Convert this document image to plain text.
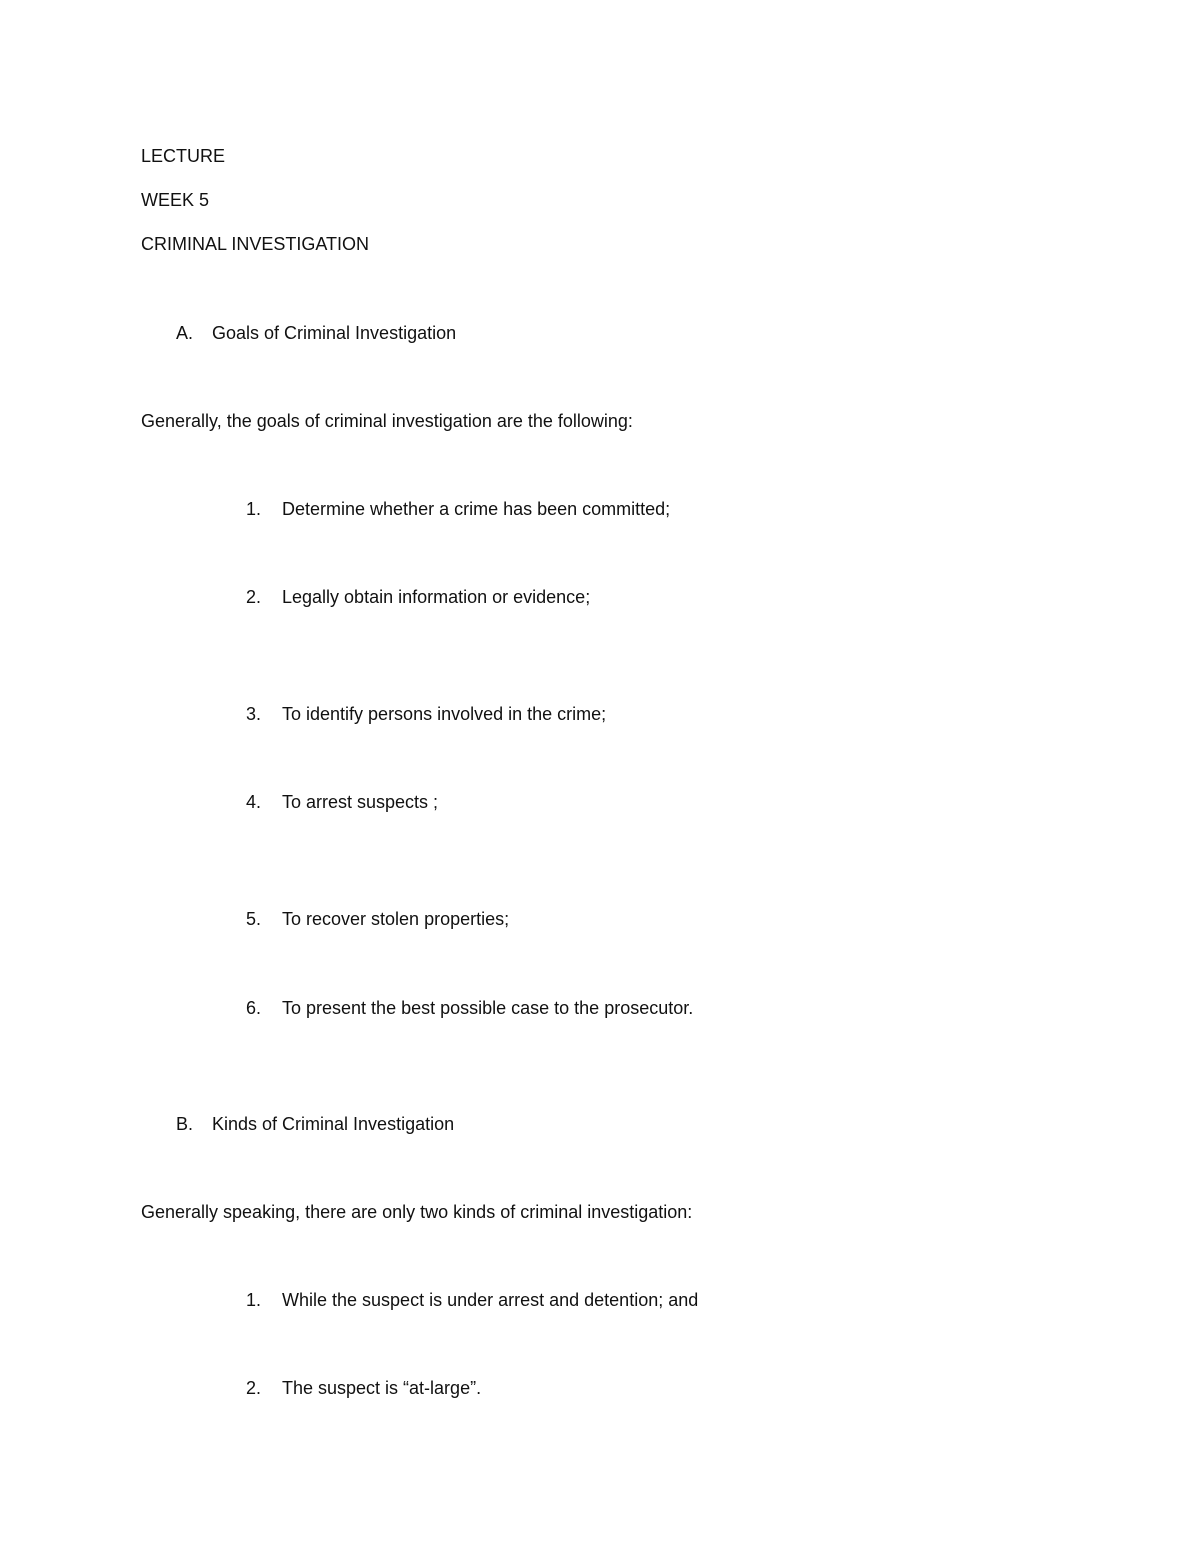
LECTURE
WEEK 5
CRIMINAL INVESTIGATION
A. Goals of Criminal Investigation
Generally, the goals of criminal investigation are the following:
1. Determine whether a crime has been committed;
2. Legally obtain information or evidence;
3. To identify persons involved in the crime;
4. To arrest suspects ;
5. To recover stolen properties;
6. To present the best possible case to the prosecutor.
B. Kinds of Criminal Investigation
Generally speaking, there are only two kinds of criminal investigation:
1. While the suspect is under arrest and detention; and
2. The suspect is “at-large”.
